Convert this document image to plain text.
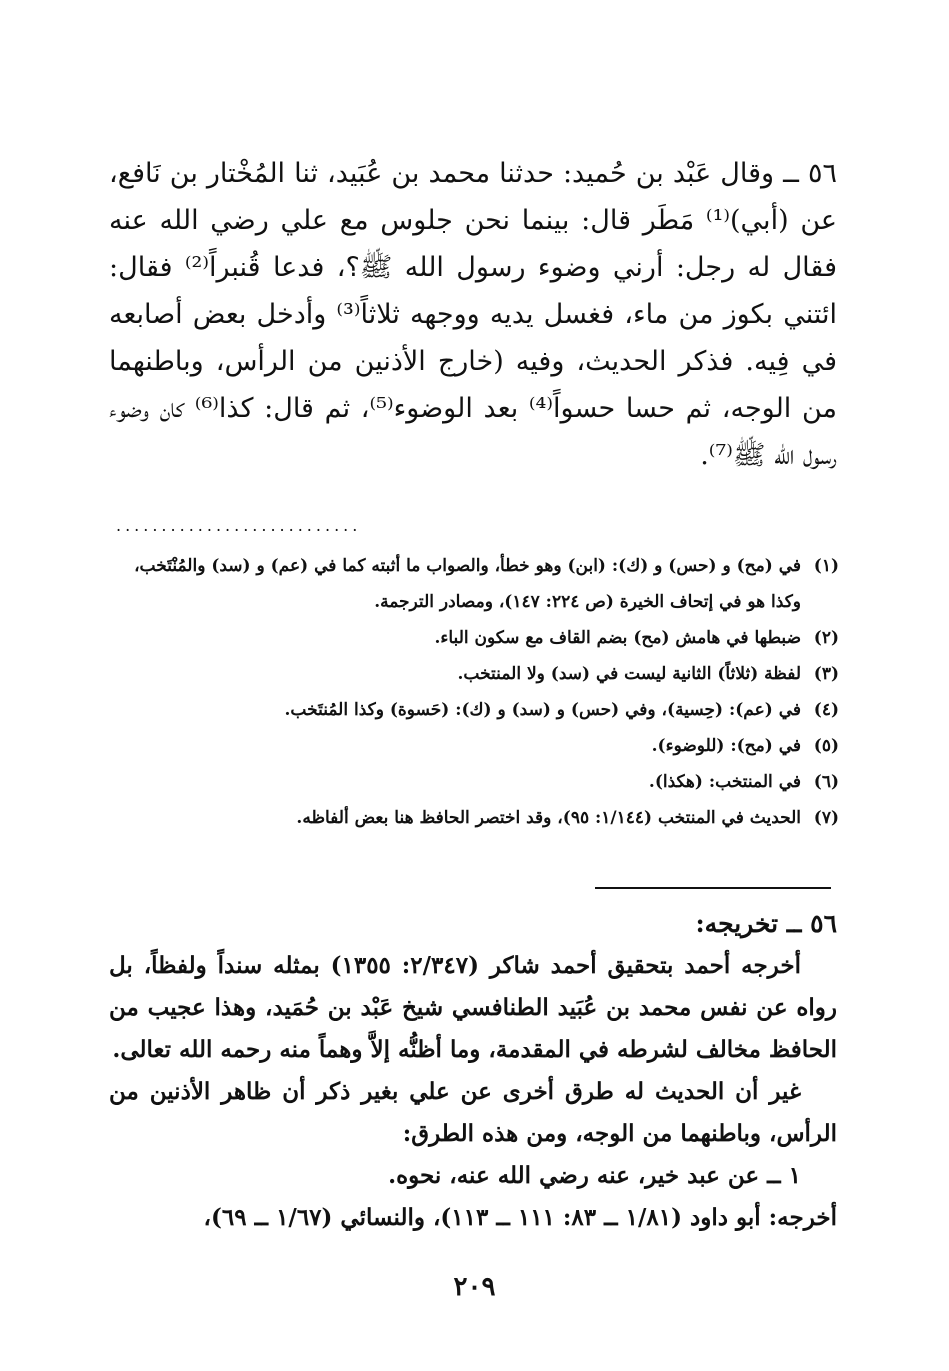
٥٦ ــ وقال عَبْد بن حُميد: حدثنا محمد بن عُبَيد، ثنا المُخْتار بن نَافع، عن (أبي)⁽¹⁾ مَطَر قال: بينما نحن جلوس مع علي رضي الله عنه فقال له رجل: أرني وضوء رسول الله ﷺ؟، فدعا قُنبراً⁽²⁾ فقال: ائتني بكوز من ماء، فغسل يديه ووجهه ثلاثاً⁽³⁾ وأدخل بعض أصابعه في فِيه. فذكر الحديث، وفيه (خارج الأذنين من الرأس، وباطنهما من الوجه، ثم حسا حسواً⁽⁴⁾ بعد الوضوء⁽⁵⁾، ثم قال: كذا⁽⁶⁾ كان وضوء رسول الله ﷺ⁽⁷⁾.

...........................
(١)
في (مح) و (حس) و (ك): (ابن) وهو خطأ، والصواب ما أثبته كما في (عم) و (سد) والمُنْتَخب، وكذا هو في إتحاف الخيرة (ص ٢٢٤: ١٤٧)، ومصادر الترجمة.
(٢)
ضبطها في هامش (مح) بضم القاف مع سكون الباء.
(٣)
لفظة (ثلاثاً) الثانية ليست في (سد) ولا المنتخب.
(٤)
في (عم): (حِسية)، وفي (حس) و (سد) و (ك): (حَسوة) وكذا المُنتَخب.
(٥)
في (مح): (للوضوء).
(٦)
في المنتخب: (هكذا).
(٧)
الحديث في المنتخب (١/١٤٤: ٩٥)، وقد اختصر الحافظ هنا بعض ألفاظه.

٥٦ ــ تخريجه:

أخرجه أحمد بتحقيق أحمد شاكر (٢/٣٤٧: ١٣٥٥) بمثله سنداً ولفظاً، بل رواه عن نفس محمد بن عُبَيد الطنافسي شيخ عَبْد بن حُمَيد، وهذا عجيب من الحافظ مخالف لشرطه في المقدمة، وما أظنُّه إلاَّ وهماً منه رحمه الله تعالى.

غير أن الحديث له طرق أخرى عن علي بغير ذكر أن ظاهر الأذنين من الرأس، وباطنهما من الوجه، ومن هذه الطرق:

١ ــ عن عبد خير، عنه رضي الله عنه، نحوه.

أخرجه: أبو داود (١/٨١ ــ ٨٣: ١١١ ــ ١١٣)، والنسائي (١/٦٧ ــ ٦٩)،

٢٠٩
